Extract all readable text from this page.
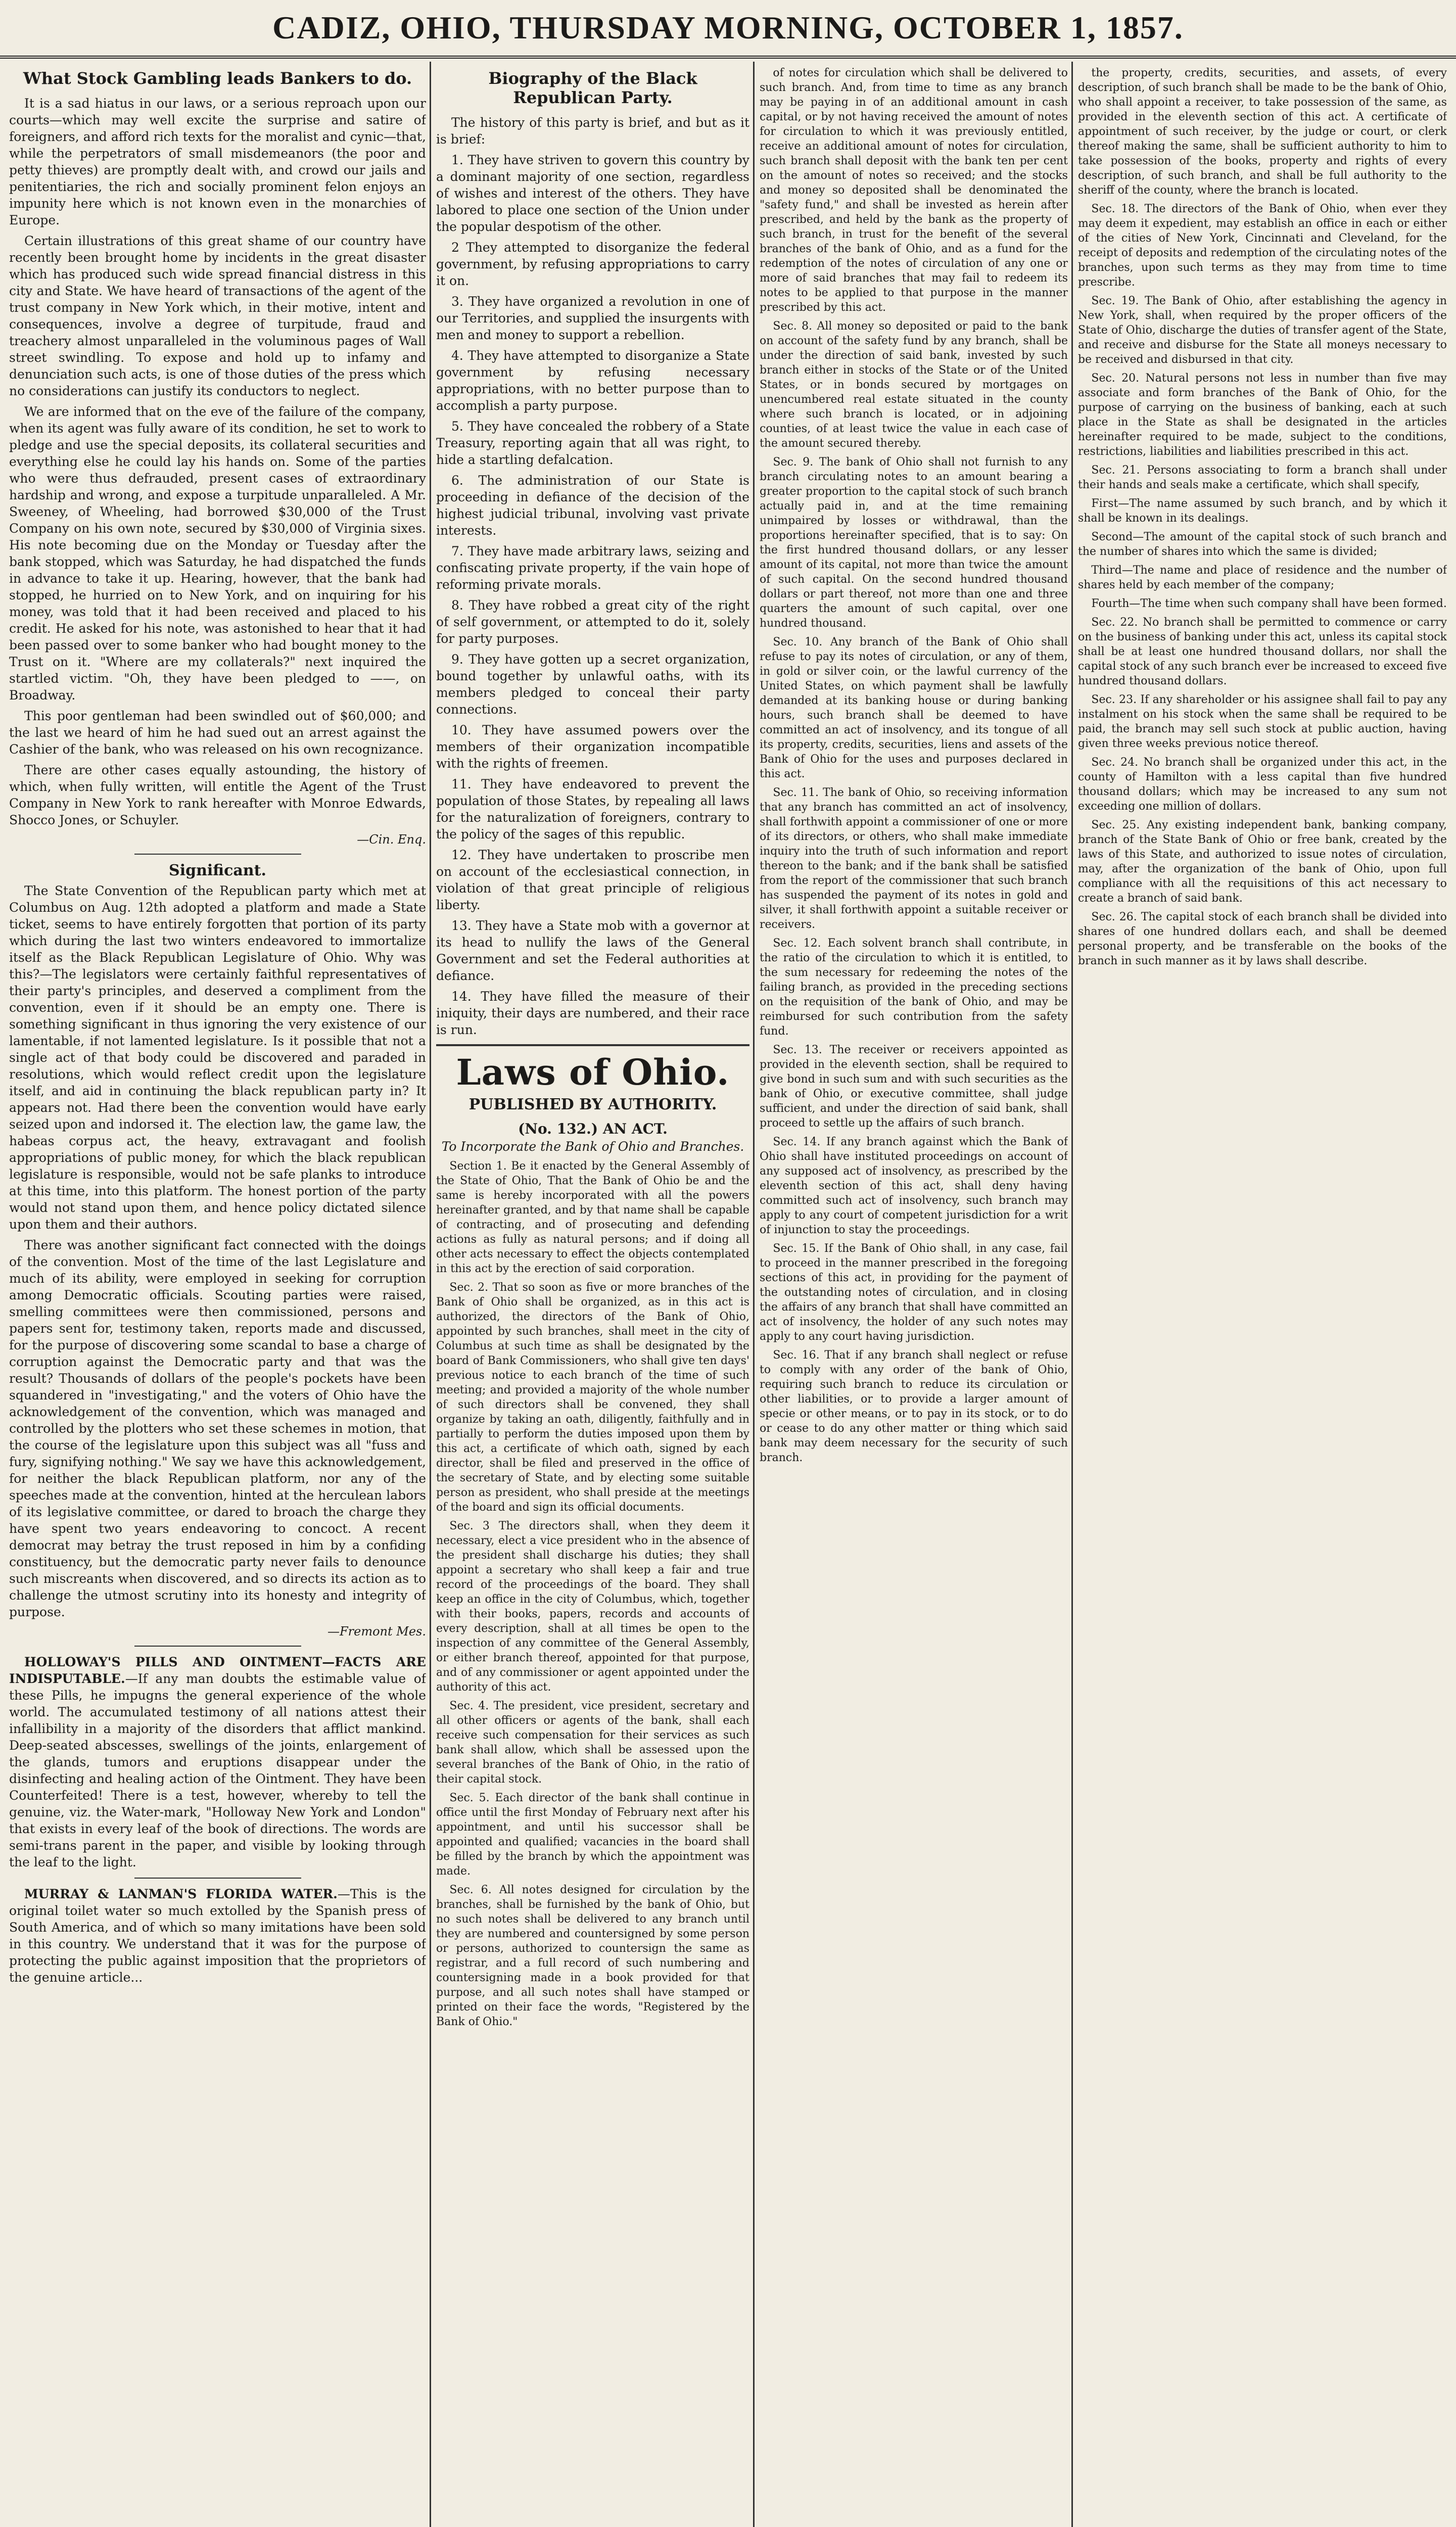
CADIZ, OHIO, THURSDAY MORNING, OCTOBER 1, 1857.
What Stock Gambling leads Bankers to do.

It is a sad hiatus in our laws, or a serious reproach upon our courts—which may well excite the surprise and satire of foreigners, and afford rich texts for the moralist and cynic—that, while the perpetrators of small misdemeanors (the poor and petty thieves) are promptly dealt with, and crowd our jails and penitentiaries, the rich and socially prominent felon enjoys an impunity here which is not known even in the monarchies of Europe.

Certain illustrations of this great shame of our country have recently been brought home by incidents in the great disaster which has produced such wide spread financial distress in this city and State. We have heard of transactions of the agent of the trust company in New York which, in their motive, intent and consequences, involve a degree of turpitude, fraud and treachery almost unparalleled in the voluminous pages of Wall street swindling. To expose and hold up to infamy and denunciation such acts, is one of those duties of the press which no considerations can justify its conductors to neglect.

We are informed that on the eve of the failure of the company, when its agent was fully aware of its condition, he set to work to pledge and use the special deposits, its collateral securities and everything else he could lay his hands on. Some of the parties who were thus defrauded, present cases of extraordinary hardship and wrong, and expose a turpitude unparalleled. A Mr. Sweeney, of Wheeling, had borrowed $30,000 of the Trust Company on his own note, secured by $30,000 of Virginia sixes. His note becoming due on the Monday or Tuesday after the bank stopped, which was Saturday, he had dispatched the funds in advance to take it up. Hearing, however, that the bank had stopped, he hurried on to New York, and on inquiring for his money, was told that it had been received and placed to his credit. He asked for his note, was astonished to hear that it had been passed over to some banker who had bought money to the Trust on it. "Where are my collaterals?" next inquired the startled victim. "Oh, they have been pledged to ——, on Broadway.

This poor gentleman had been swindled out of $60,000; and the last we heard of him he had sued out an arrest against the Cashier of the bank, who was released on his own recognizance.

There are other cases equally astounding, the history of which, when fully written, will entitle the Agent of the Trust Company in New York to rank hereafter with Monroe Edwards, Shocco Jones, or Schuyler.

—Cin. Enq.
Significant.

The State Convention of the Republican party which met at Columbus on Aug. 12th adopted a platform and made a State ticket, seems to have entirely forgotten that portion of its party which during the last two winters endeavored to immortalize itself as the Black Republican Legislature of Ohio. Why was this?—The legislators were certainly faithful representatives of their party's principles, and deserved a compliment from the convention, even if it should be an empty one. There is something significant in thus ignoring the very existence of our lamentable, if not lamented legislature. Is it possible that not a single act of that body could be discovered and paraded in resolutions, which would reflect credit upon the legislature itself, and aid in continuing the black republican party in? It appears not. Had there been the convention would have early seized upon and indorsed it. The election law, the game law, the habeas corpus act, the heavy, extravagant and foolish appropriations of public money, for which the black republican legislature is responsible, would not be safe planks to introduce at this time, into this platform. The honest portion of the party would not stand upon them, and hence policy dictated silence upon them and their authors.

There was another significant fact connected with the doings of the convention. Most of the time of the last Legislature and much of its ability, were employed in seeking for corruption among Democratic officials. Scouting parties were raised, smelling committees were then commissioned, persons and papers sent for, testimony taken, reports made and discussed, for the purpose of discovering some scandal to base a charge of corruption against the Democratic party and that was the result? Thousands of dollars of the people's pockets have been squandered in "investigating," and the voters of Ohio have the acknowledgement of the convention, which was managed and controlled by the plotters who set these schemes in motion, that the course of the legislature upon this subject was all "fuss and fury, signifying nothing." We say we have this acknowledgement, for neither the black Republican platform, nor any of the speeches made at the convention, hinted at the herculean labors of its legislative committee, or dared to broach the charge they have spent two years endeavoring to concoct. A recent democrat may betray the trust reposed in him by a confiding constituency, but the democratic party never fails to denounce such miscreants when discovered, and so directs its action as to challenge the utmost scrutiny into its honesty and integrity of purpose.

—Fremont Mes.

HOLLOWAY'S PILLS AND OINTMENT—FACTS ARE INDISPUTABLE.—If any man doubts the estimable value of these Pills, he impugns the general experience of the whole world. The accumulated testimony of all nations attest their infallibility in a majority of the disorders that afflict mankind. Deep-seated abscesses, swellings of the joints, enlargement of the glands, tumors and eruptions disappear under the disinfecting and healing action of the Ointment. They have been Counterfeited! There is a test, however, whereby to tell the genuine, viz. the Water-mark, "Holloway New York and London" that exists in every leaf of the book of directions. The words are semi-trans parent in the paper, and visible by looking through the leaf to the light.

MURRAY & LANMAN'S FLORIDA WATER.—This is the original toilet water so much extolled by the Spanish press of South America, and of which so many imitations have been sold in this country. We understand that it was for the purpose of protecting the public against imposition that the proprietors of the genuine article...

Biography of the Black Republican Party.

The history of this party is brief, and but as it is brief:

1. They have striven to govern this country by a dominant majority of one section, regardless of wishes and interest of the others. They have labored to place one section of the Union under the popular despotism of the other.

2 They attempted to disorganize the federal government, by refusing appropriations to carry it on.

3. They have organized a revolution in one of our Territories, and supplied the insurgents with men and money to support a rebellion.

4. They have attempted to disorganize a State government by refusing necessary appropriations, with no better purpose than to accomplish a party purpose.

5. They have concealed the robbery of a State Treasury, reporting again that all was right, to hide a startling defalcation.

6. The administration of our State is proceeding in defiance of the decision of the highest judicial tribunal, involving vast private interests.

7. They have made arbitrary laws, seizing and confiscating private property, if the vain hope of reforming private morals.

8. They have robbed a great city of the right of self government, or attempted to do it, solely for party purposes.

9. They have gotten up a secret organization, bound together by unlawful oaths, with its members pledged to conceal their party connections.

10. They have assumed powers over the members of their organization incompatible with the rights of freemen.

11. They have endeavored to prevent the population of those States, by repealing all laws for the naturalization of foreigners, contrary to the policy of the sages of this republic.

12. They have undertaken to proscribe men on account of the ecclesiastical connection, in violation of that great principle of religious liberty.

13. They have a State mob with a governor at its head to nullify the laws of the General Government and set the Federal authorities at defiance.

14. They have filled the measure of their iniquity, their days are numbered, and their race is run.

Laws of Ohio.
PUBLISHED BY AUTHORITY.
(No. 132.) AN ACT.
To Incorporate the Bank of Ohio and Branches.

Section 1. Be it enacted by the General Assembly of the State of Ohio, That the Bank of Ohio be and the same is hereby incorporated with all the powers hereinafter granted, and by that name shall be capable of contracting, and of prosecuting and defending actions as fully as natural persons; and if doing all other acts necessary to effect the objects contemplated in this act by the erection of said corporation.

Sec. 2. That so soon as five or more branches of the Bank of Ohio shall be organized, as in this act is authorized, the directors of the Bank of Ohio, appointed by such branches, shall meet in the city of Columbus at such time as shall be designated by the board of Bank Commissioners, who shall give ten days' previous notice to each branch of the time of such meeting; and provided a majority of the whole number of such directors shall be convened, they shall organize by taking an oath, diligently, faithfully and in partially to perform the duties imposed upon them by this act, a certificate of which oath, signed by each director, shall be filed and preserved in the office of the secretary of State, and by electing some suitable person as president, who shall preside at the meetings of the board and sign its official documents.

Sec. 3 The directors shall, when they deem it necessary, elect a vice president who in the absence of the president shall discharge his duties; they shall appoint a secretary who shall keep a fair and true record of the proceedings of the board. They shall keep an office in the city of Columbus, which, together with their books, papers, records and accounts of every description, shall at all times be open to the inspection of any committee of the General Assembly, or either branch thereof, appointed for that purpose, and of any commissioner or agent appointed under the authority of this act.

Sec. 4. The president, vice president, secretary and all other officers or agents of the bank, shall each receive such compensation for their services as such bank shall allow, which shall be assessed upon the several branches of the Bank of Ohio, in the ratio of their capital stock.

Sec. 5. Each director of the bank shall continue in office until the first Monday of February next after his appointment, and until his successor shall be appointed and qualified; vacancies in the board shall be filled by the branch by which the appointment was made.

Sec. 6. All notes designed for circulation by the branches, shall be furnished by the bank of Ohio, but no such notes shall be delivered to any branch until they are numbered and countersigned by some person or persons, authorized to countersign the same as registrar, and a full record of such numbering and countersigning made in a book provided for that purpose, and all such notes shall have stamped or printed on their face the words, "Registered by the Bank of Ohio."

of notes for circulation which shall be delivered to such branch. And, from time to time as any branch may be paying in of an additional amount in cash capital, or by not having received the amount of notes for circulation to which it was previously entitled, receive an additional amount of notes for circulation, such branch shall deposit with the bank ten per cent on the amount of notes so received; and the stocks and money so deposited shall be denominated the "safety fund," and shall be invested as herein after prescribed, and held by the bank as the property of such branch, in trust for the benefit of the several branches of the bank of Ohio, and as a fund for the redemption of the notes of circulation of any one or more of said branches that may fail to redeem its notes to be applied to that purpose in the manner prescribed by this act.

Sec. 8. All money so deposited or paid to the bank on account of the safety fund by any branch, shall be under the direction of said bank, invested by such branch either in stocks of the State or of the United States, or in bonds secured by mortgages on unencumbered real estate situated in the county where such branch is located, or in adjoining counties, of at least twice the value in each case of the amount secured thereby.

Sec. 9. The bank of Ohio shall not furnish to any branch circulating notes to an amount bearing a greater proportion to the capital stock of such branch actually paid in, and at the time remaining unimpaired by losses or withdrawal, than the proportions hereinafter specified, that is to say: On the first hundred thousand dollars, or any lesser amount of its capital, not more than twice the amount of such capital. On the second hundred thousand dollars or part thereof, not more than one and three quarters the amount of such capital, over one hundred thousand.

Sec. 10. Any branch of the Bank of Ohio shall refuse to pay its notes of circulation, or any of them, in gold or silver coin, or the lawful currency of the United States, on which payment shall be lawfully demanded at its banking house or during banking hours, such branch shall be deemed to have committed an act of insolvency, and its tongue of all its property, credits, securities, liens and assets of the Bank of Ohio for the uses and purposes declared in this act.

Sec. 11. The bank of Ohio, so receiving information that any branch has committed an act of insolvency, shall forthwith appoint a commissioner of one or more of its directors, or others, who shall make immediate inquiry into the truth of such information and report thereon to the bank; and if the bank shall be satisfied from the report of the commissioner that such branch has suspended the payment of its notes in gold and silver, it shall forthwith appoint a suitable receiver or receivers.

Sec. 12. Each solvent branch shall contribute, in the ratio of the circulation to which it is entitled, to the sum necessary for redeeming the notes of the failing branch, as provided in the preceding sections on the requisition of the bank of Ohio, and may be reimbursed for such contribution from the safety fund.

Sec. 13. The receiver or receivers appointed as provided in the eleventh section, shall be required to give bond in such sum and with such securities as the bank of Ohio, or executive committee, shall judge sufficient, and under the direction of said bank, shall proceed to settle up the affairs of such branch.

Sec. 14. If any branch against which the Bank of Ohio shall have instituted proceedings on account of any supposed act of insolvency, as prescribed by the eleventh section of this act, shall deny having committed such act of insolvency, such branch may apply to any court of competent jurisdiction for a writ of injunction to stay the proceedings.

Sec. 15. If the Bank of Ohio shall, in any case, fail to proceed in the manner prescribed in the foregoing sections of this act, in providing for the payment of the outstanding notes of circulation, and in closing the affairs of any branch that shall have committed an act of insolvency, the holder of any such notes may apply to any court having jurisdiction.

Sec. 16. That if any branch shall neglect or refuse to comply with any order of the bank of Ohio, requiring such branch to reduce its circulation or other liabilities, or to provide a larger amount of specie or other means, or to pay in its stock, or to do or cease to do any other matter or thing which said bank may deem necessary for the security of such branch.

the property, credits, securities, and assets, of every description, of such branch shall be made to be the bank of Ohio, who shall appoint a receiver, to take possession of the same, as provided in the eleventh section of this act. A certificate of appointment of such receiver, by the judge or court, or clerk thereof making the same, shall be sufficient authority to him to take possession of the books, property and rights of every description, of such branch, and shall be full authority to the sheriff of the county, where the branch is located.

Sec. 18. The directors of the Bank of Ohio, when ever they may deem it expedient, may establish an office in each or either of the cities of New York, Cincinnati and Cleveland, for the receipt of deposits and redemption of the circulating notes of the branches, upon such terms as they may from time to time prescribe.

Sec. 19. The Bank of Ohio, after establishing the agency in New York, shall, when required by the proper officers of the State of Ohio, discharge the duties of transfer agent of the State, and receive and disburse for the State all moneys necessary to be received and disbursed in that city.

Sec. 20. Natural persons not less in number than five may associate and form branches of the Bank of Ohio, for the purpose of carrying on the business of banking, each at such place in the State as shall be designated in the articles hereinafter required to be made, subject to the conditions, restrictions, liabilities and liabilities prescribed in this act.

Sec. 21. Persons associating to form a branch shall under their hands and seals make a certificate, which shall specify,

First—The name assumed by such branch, and by which it shall be known in its dealings.

Second—The amount of the capital stock of such branch and the number of shares into which the same is divided;

Third—The name and place of residence and the number of shares held by each member of the company;

Fourth—The time when such company shall have been formed.

Sec. 22. No branch shall be permitted to commence or carry on the business of banking under this act, unless its capital stock shall be at least one hundred thousand dollars, nor shall the capital stock of any such branch ever be increased to exceed five hundred thousand dollars.

Sec. 23. If any shareholder or his assignee shall fail to pay any instalment on his stock when the same shall be required to be paid, the branch may sell such stock at public auction, having given three weeks previous notice thereof.

Sec. 24. No branch shall be organized under this act, in the county of Hamilton with a less capital than five hundred thousand dollars; which may be increased to any sum not exceeding one million of dollars.

Sec. 25. Any existing independent bank, banking company, branch of the State Bank of Ohio or free bank, created by the laws of this State, and authorized to issue notes of circulation, may, after the organization of the bank of Ohio, upon full compliance with all the requisitions of this act necessary to create a branch of said bank.

Sec. 26. The capital stock of each branch shall be divided into shares of one hundred dollars each, and shall be deemed personal property, and be transferable on the books of the branch in such manner as it by laws shall describe.
